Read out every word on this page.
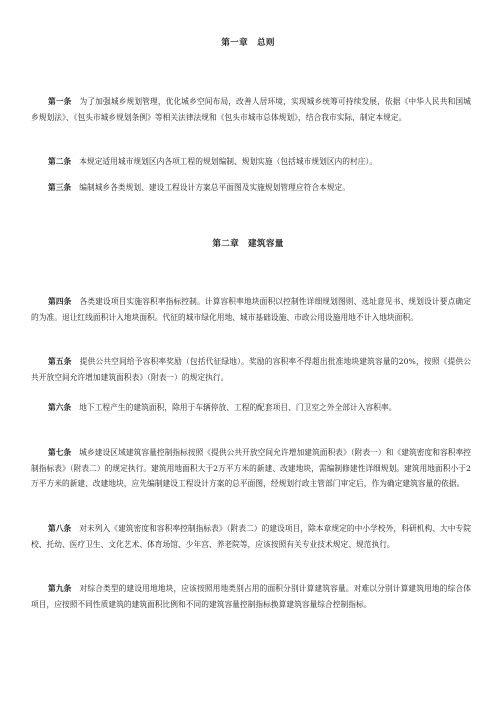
第一章 总则

第一条 为了加强城乡规划管理，优化城乡空间布局，改善人居环境，实现城乡统筹可持续发展，依据《中华人民共和国城乡规划法》、《包头市城乡规划条例》等相关法律法规和《包头市城市总体规划》，结合我市实际，制定本规定。

第二条 本规定适用城市规划区内各项工程的规划编制、规划实施（包括城市规划区内的村庄）。

第三条 编制城乡各类规划、建设工程设计方案总平面图及实施规划管理应符合本规定。

第二章 建筑容量

第四条 各类建设项目实施容积率指标控制。计算容积率地块面积以控制性详细规划图则、选址意见书、规划设计要点确定的为准。退让红线面积计入地块面积。代征的城市绿化用地、城市基础设施、市政公用设施用地不计入地块面积。

第五条 提供公共空间给予容积率奖励（包括代征绿地）。奖励的容积率不得超出批准地块建筑容量的20%，按照《提供公共开放空间允许增加建筑面积表》（附表一）的规定执行。

第六条 地下工程产生的建筑面积，除用于车辆停放、工程的配套项目、门卫室之外全部计入容积率。

第七条 城乡建设区域建筑容量控制指标按照《提供公共开放空间允许增加建筑面积表》（附表一）和《建筑密度和容积率控制指标表》（附表二）的规定执行。建筑用地面积大于2万平方米的新建、改建地块，需编制修建性详细规划。建筑用地面积小于2万平方米的新建、改建地块，应先编制建设工程设计方案的总平面图，经规划行政主管部门审定后，作为确定建筑容量的依据。

第八条 对未列入《建筑密度和容积率控制指标表》（附表二）的建设项目，除本章规定的中小学校外，科研机构、大中专院校、托幼、医疗卫生、文化艺术、体育场馆、少年宫、养老院等，应该按照有关专业技术规定、规范执行。

第九条 对综合类型的建设用地地块，应该按照用地类别占用的面积分别计算建筑容量。对难以分别计算建筑用地的综合体项目，应按照不同性质建筑的建筑面积比例和不同的建筑容量控制指标换算建筑容量综合控制指标。
